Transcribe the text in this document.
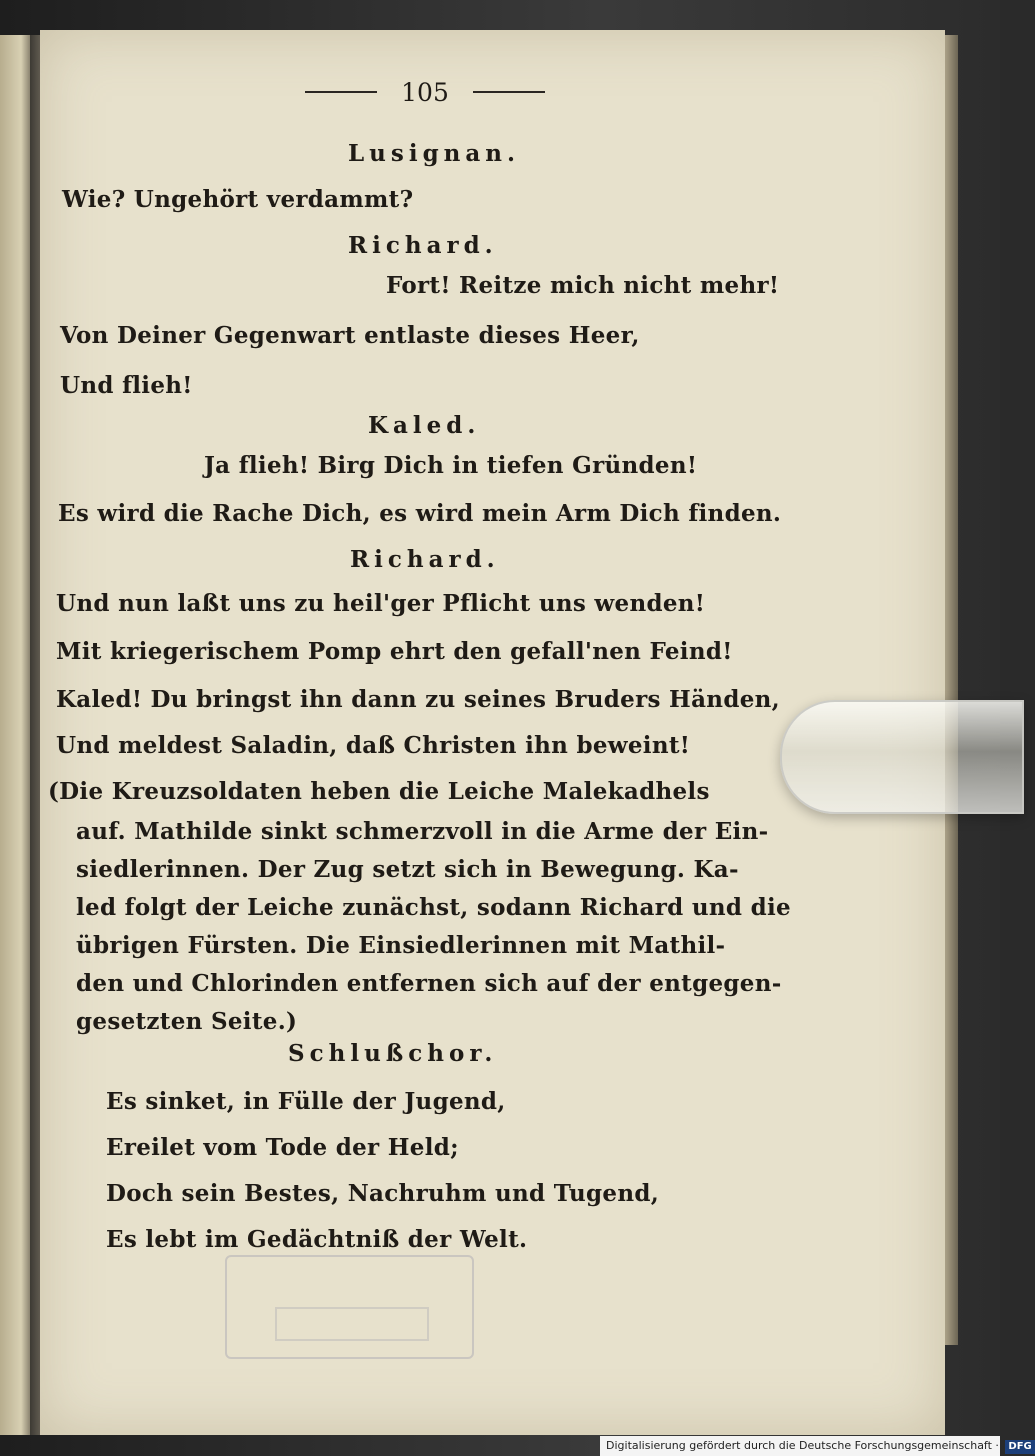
105
Lusignan.
Wie? Ungehört verdammt?
Richard.
Fort! Reitze mich nicht mehr!
Von Deiner Gegenwart entlaste dieses Heer,
Und flieh!
Kaled.
Ja flieh! Birg Dich in tiefen Gründen!
Es wird die Rache Dich, es wird mein Arm Dich finden.
Richard.
Und nun laßt uns zu heil'ger Pflicht uns wenden!
Mit kriegerischem Pomp ehrt den gefall'nen Feind!
Kaled! Du bringst ihn dann zu seines Bruders Händen,
Und meldest Saladin, daß Christen ihn beweint!
(Die Kreuzsoldaten heben die Leiche Malekadhels
auf. Mathilde sinkt schmerzvoll in die Arme der Ein-
siedlerinnen. Der Zug setzt sich in Bewegung. Ka-
led folgt der Leiche zunächst, sodann Richard und die
übrigen Fürsten. Die Einsiedlerinnen mit Mathil-
den und Chlorinden entfernen sich auf der entgegen-
gesetzten Seite.)
Schlußchor.
Es sinket, in Fülle der Jugend,
Ereilet vom Tode der Held;
Doch sein Bestes, Nachruhm und Tugend,
Es lebt im Gedächtniß der Welt.
Digitalisierung gefördert durch die Deutsche Forschungsgemeinschaft · DFG
